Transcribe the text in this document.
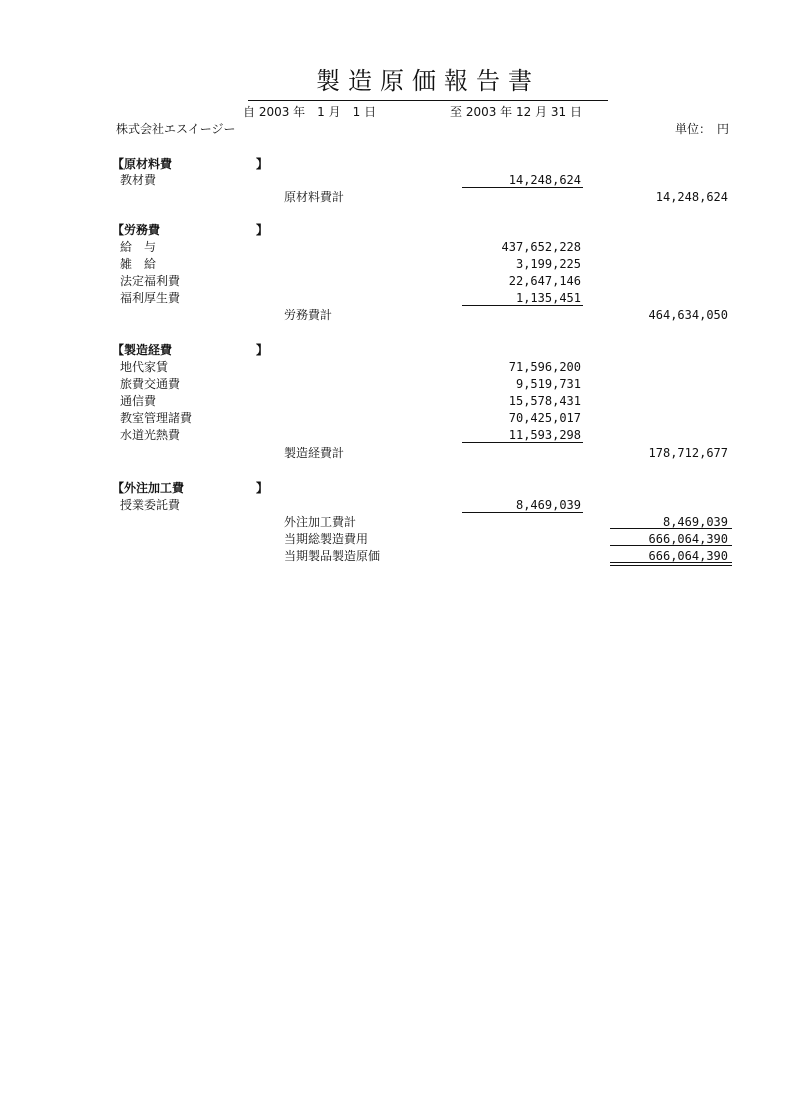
製造原価報告書
自 2003 年　1 月　1 日	至 2003 年 12 月 31 日
株式会社エスイージー	単位：　円
【原材料費	】
教材費	14,248,624
原材料費計	14,248,624
【労務費	】
給　与	437,652,228
雑　給	3,199,225
法定福利費	22,647,146
福利厚生費	1,135,451
労務費計	464,634,050
【製造経費	】
地代家賃	71,596,200
旅費交通費	9,519,731
通信費	15,578,431
教室管理諸費	70,425,017
水道光熱費	11,593,298
製造経費計	178,712,677
【外注加工費	】
授業委託費	8,469,039
外注加工費計	8,469,039
当期総製造費用	666,064,390
当期製品製造原価	666,064,390
